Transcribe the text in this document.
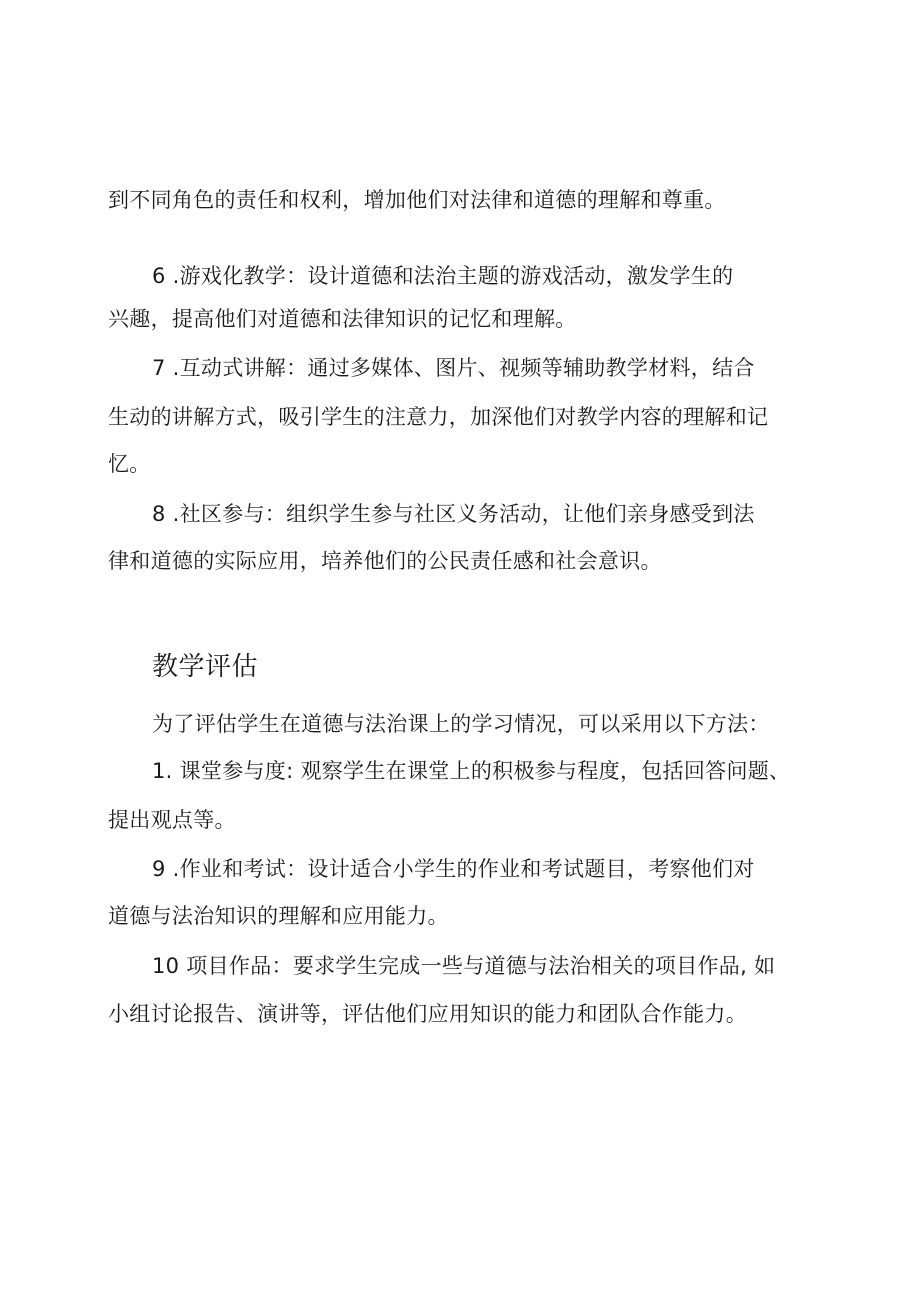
到不同角色的责任和权利，增加他们对法律和道德的理解和尊重。

6 .游戏化教学：设计道德和法治主题的游戏活动，激发学生的

兴趣，提高他们对道德和法律知识的记忆和理解。

7 .互动式讲解：通过多媒体、图片、视频等辅助教学材料，结合

生动的讲解方式，吸引学生的注意力，加深他们对教学内容的理解和记

忆。

8 .社区参与：组织学生参与社区义务活动，让他们亲身感受到法

律和道德的实际应用，培养他们的公民责任感和社会意识。

教学评估

为了评估学生在道德与法治课上的学习情况，可以采用以下方法：

1. 课堂参与度: 观察学生在课堂上的积极参与程度，包括回答问题、

提出观点等。

9 .作业和考试：设计适合小学生的作业和考试题目，考察他们对

道德与法治知识的理解和应用能力。

10 项目作品：要求学生完成一些与道德与法治相关的项目作品, 如

小组讨论报告、演讲等，评估他们应用知识的能力和团队合作能力。
